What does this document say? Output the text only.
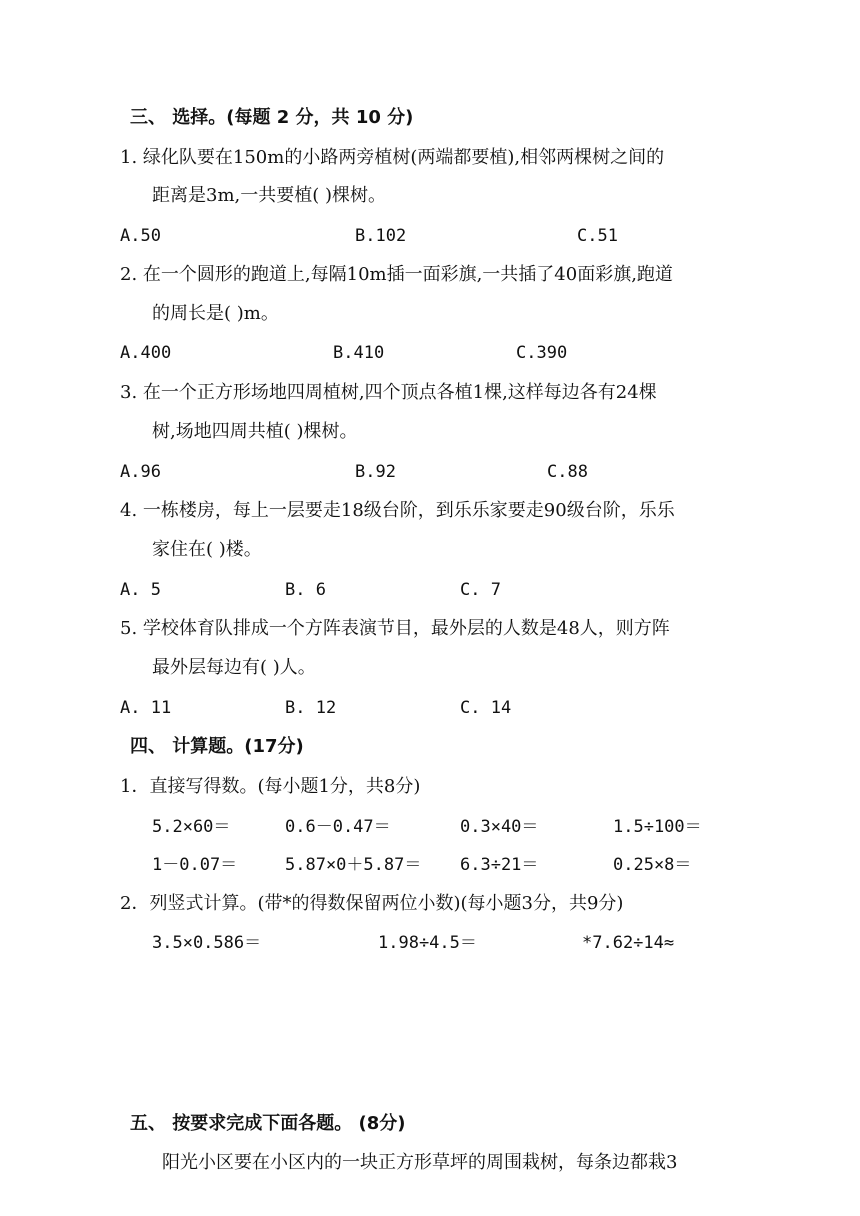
三、 选择。(每题 2 分，共 10 分)
1. 绿化队要在150m的小路两旁植树(两端都要植),相邻两棵树之间的
距离是3m,一共要植( )棵树。
A.50	B.102	C.51
2. 在一个圆形的跑道上,每隔10m插一面彩旗,一共插了40面彩旗,跑道
的周长是( )m。
A.400	B.410	C.390
3. 在一个正方形场地四周植树,四个顶点各植1棵,这样每边各有24棵
树,场地四周共植( )棵树。
A.96	B.92	C.88
4. 一栋楼房，每上一层要走18级台阶，到乐乐家要走90级台阶，乐乐
家住在( )楼。
A. 5	B. 6	C. 7
5. 学校体育队排成一个方阵表演节目，最外层的人数是48人，则方阵
最外层每边有( )人。
A. 11	B. 12	C. 14
四、 计算题。(17分)
1．直接写得数。(每小题1分，共8分)
5.2×60＝	0.6－0.47＝	0.3×40＝	1.5÷100＝
1－0.07＝	5.87×0＋5.87＝ 6.3÷21＝	0.25×8＝
2．列竖式计算。(带*的得数保留两位小数)(每小题3分，共9分)
3.5×0.586＝	1.98÷4.5＝	*7.62÷14≈
五、 按要求完成下面各题。 (8分)
阳光小区要在小区内的一块正方形草坪的周围栽树，每条边都栽3
